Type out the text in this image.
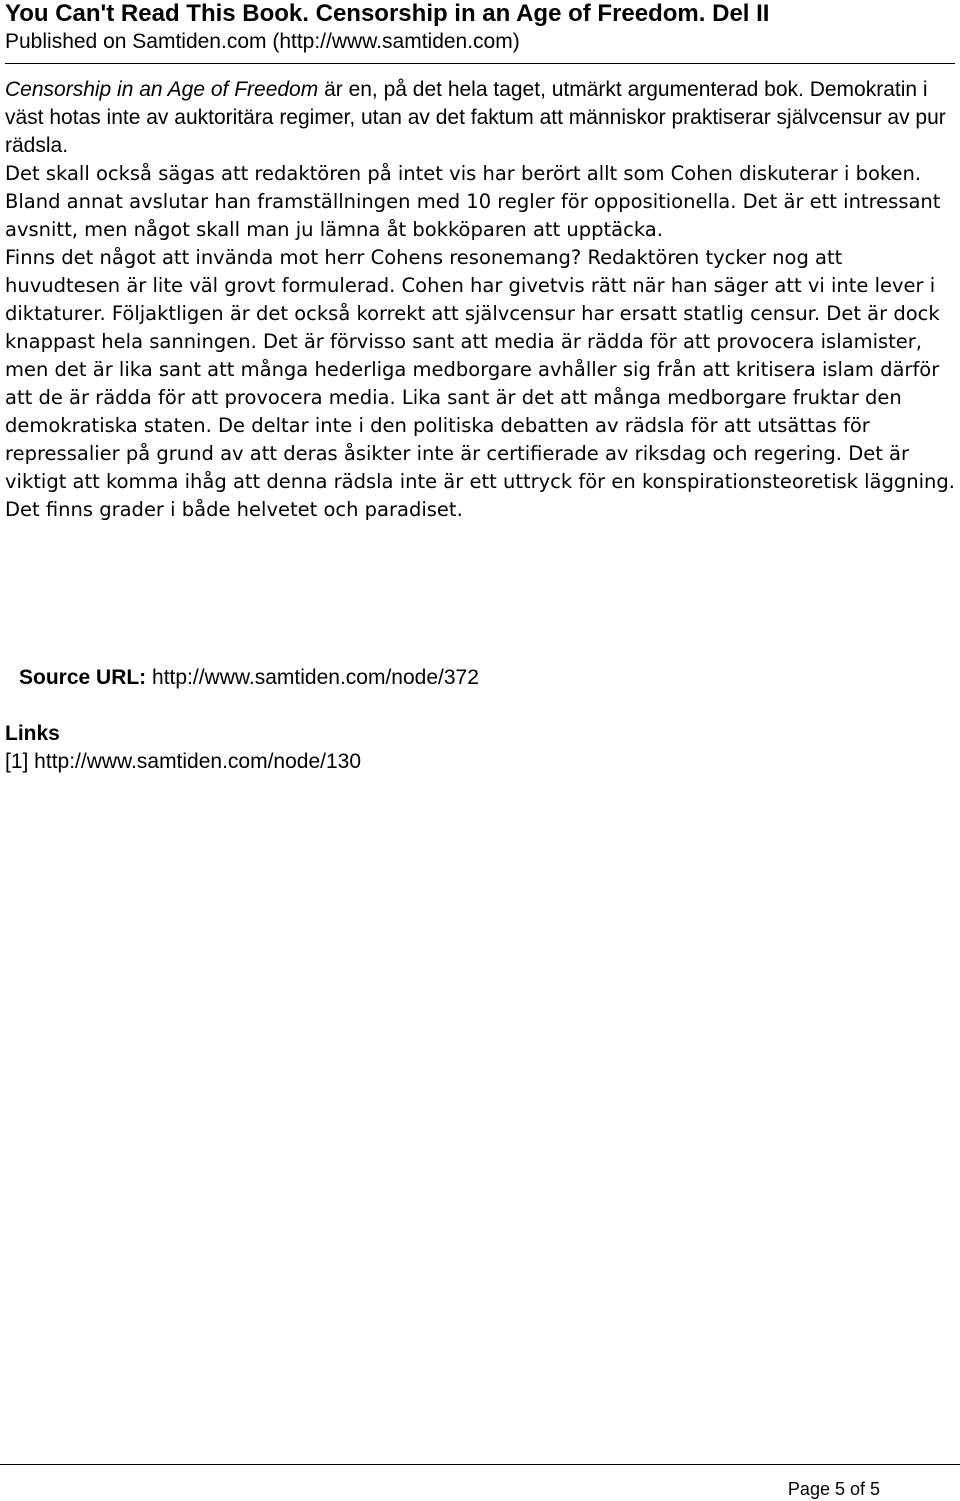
You Can't Read This Book. Censorship in an Age of Freedom. Del II
Published on Samtiden.com (http://www.samtiden.com)
Censorship in an Age of Freedom är en, på det hela taget, utmärkt argumenterad bok. Demokratin i väst hotas inte av auktoritära regimer, utan av det faktum att människor praktiserar självcensur av pur rädsla.

Det skall också sägas att redaktören på intet vis har berört allt som Cohen diskuterar i boken. Bland annat avslutar han framställningen med 10 regler för oppositionella. Det är ett intressant avsnitt, men något skall man ju lämna åt bokköparen att upptäcka.

Finns det något att invända mot herr Cohens resonemang? Redaktören tycker nog att huvudtesen är lite väl grovt formulerad. Cohen har givetvis rätt när han säger att vi inte lever i diktaturer. Följaktligen är det också korrekt att självcensur har ersatt statlig censur. Det är dock knappast hela sanningen. Det är förvisso sant att media är rädda för att provocera islamister, men det är lika sant att många hederliga medborgare avhåller sig från att kritisera islam därför att de är rädda för att provocera media. Lika sant är det att många medborgare fruktar den demokratiska staten. De deltar inte i den politiska debatten av rädsla för att utsättas för repressalier på grund av att deras åsikter inte är certifierade av riksdag och regering. Det är viktigt att komma ihåg att denna rädsla inte är ett uttryck för en konspirationsteoretisk läggning. Det finns grader i både helvetet och paradiset.

Source URL: http://www.samtiden.com/node/372
Links
[1] http://www.samtiden.com/node/130
Page 5 of 5
